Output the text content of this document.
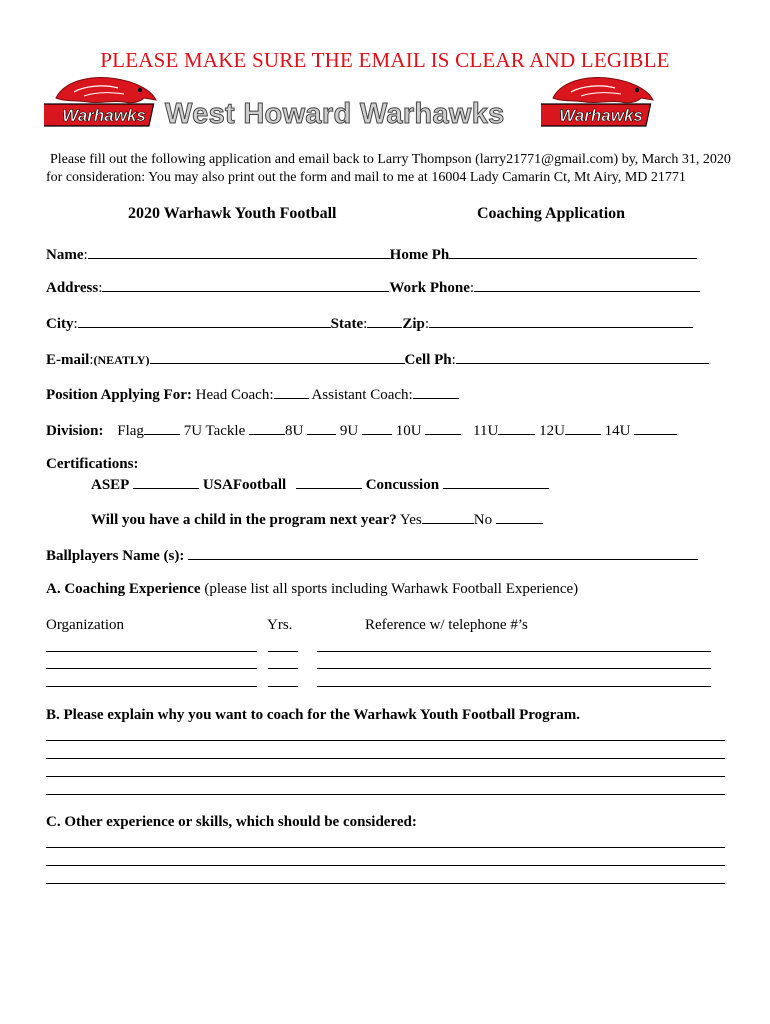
PLEASE MAKE SURE THE EMAIL IS CLEAR AND LEGIBLE
Warhawks West Howard Warhawks	Warhawks
Please fill out the following application and email back to Larry Thompson (larry21771@gmail.com) by, March 31, 2020
for consideration: You may also print out the form and mail to me at 16004 Lady Camarin Ct, Mt Airy, MD 21771
2020 Warhawk Youth Football	Coaching Application
Name:	Home Ph
Address:	Work Phone:
City:	State: Zip:
E-mail:(NEATLY)	Cell Ph:
Position Applying For: Head Coach:	Assistant Coach:
Division: Flag	7U Tackle	8U 9U	10U	11U	12U	14U
Certifications:
ASEP	USAFootball	Concussion
Will you have a child in the program next year? Yes	No
Ballplayers Name (s):
A. Coaching Experience (please list all sports including Warhawk Football Experience)
Organization	Yrs.	Reference w/ telephone #’s
B. Please explain why you want to coach for the Warhawk Youth Football Program.
C. Other experience or skills, which should be considered:
